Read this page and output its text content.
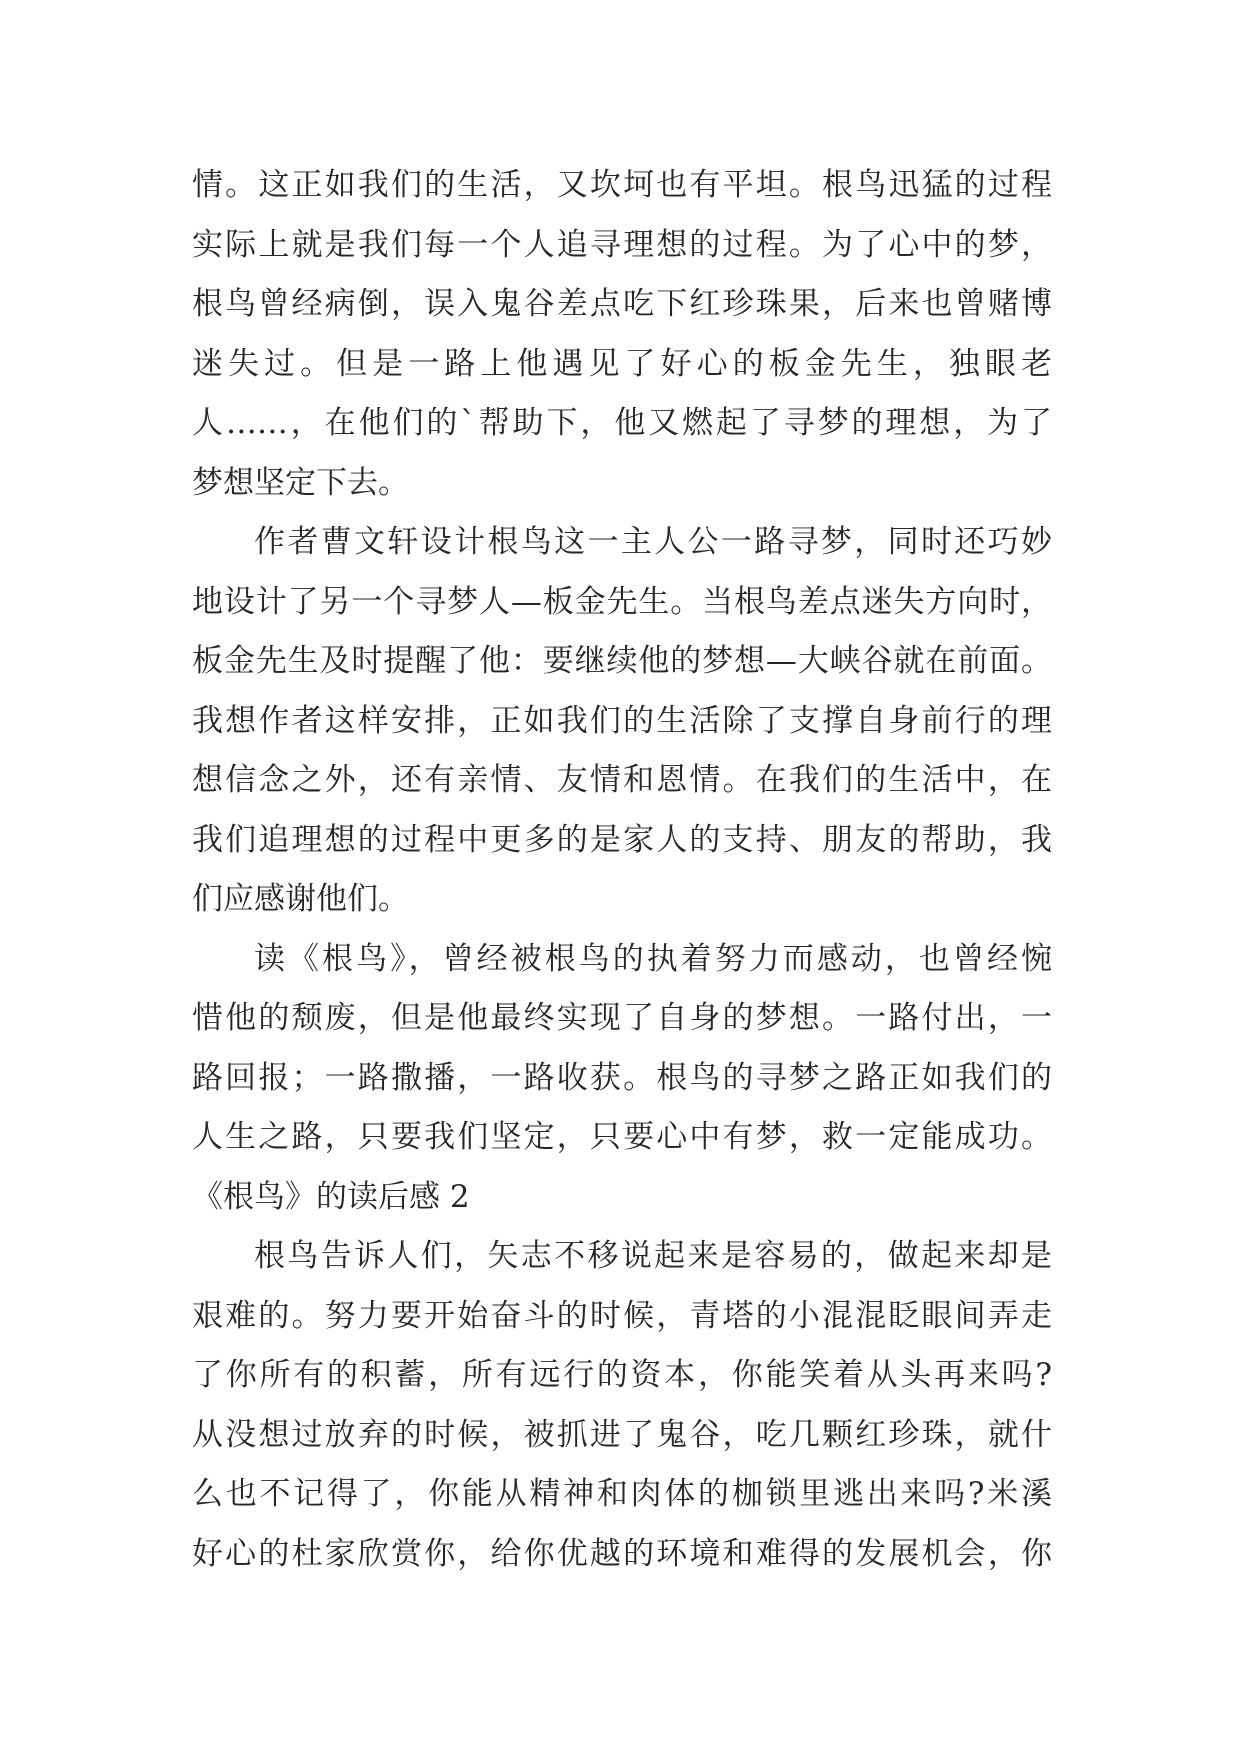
情。这正如我们的生活，又坎坷也有平坦。根鸟迅猛的过程
实际上就是我们每一个人追寻理想的过程。为了心中的梦，
根鸟曾经病倒，误入鬼谷差点吃下红珍珠果，后来也曾赌博
迷失过。但是一路上他遇见了好心的板金先生，独眼老
人……，在他们的`帮助下，他又燃起了寻梦的理想，为了
梦想坚定下去。
作者曹文轩设计根鸟这一主人公一路寻梦，同时还巧妙
地设计了另一个寻梦人—板金先生。当根鸟差点迷失方向时，
板金先生及时提醒了他：要继续他的梦想—大峡谷就在前面。
我想作者这样安排，正如我们的生活除了支撑自身前行的理
想信念之外，还有亲情、友情和恩情。在我们的生活中，在
我们追理想的过程中更多的是家人的支持、朋友的帮助，我
们应感谢他们。
读《根鸟》，曾经被根鸟的执着努力而感动，也曾经惋
惜他的颓废，但是他最终实现了自身的梦想。一路付出，一
路回报；一路撒播，一路收获。根鸟的寻梦之路正如我们的
人生之路，只要我们坚定，只要心中有梦，救一定能成功。
《根鸟》的读后感 2
根鸟告诉人们，矢志不移说起来是容易的，做起来却是
艰难的。努力要开始奋斗的时候，青塔的小混混眨眼间弄走
了你所有的积蓄，所有远行的资本，你能笑着从头再来吗?
从没想过放弃的时候，被抓进了鬼谷，吃几颗红珍珠，就什
么也不记得了，你能从精神和肉体的枷锁里逃出来吗?米溪
好心的杜家欣赏你，给你优越的环境和难得的发展机会，你
